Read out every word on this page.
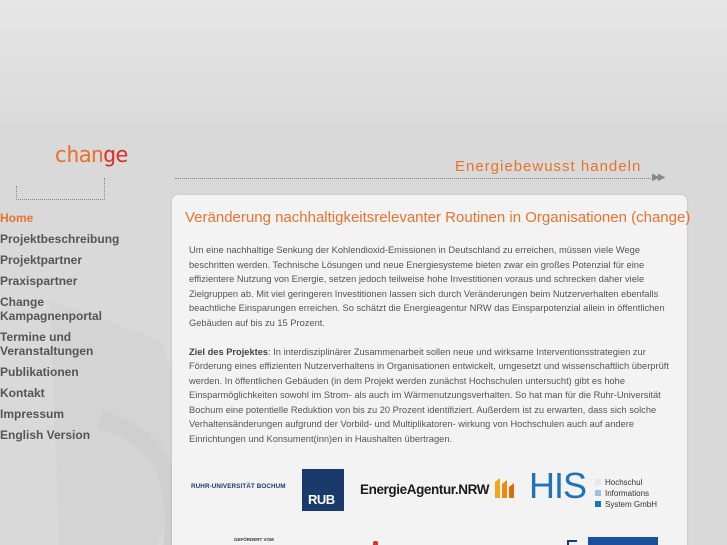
change	Energiebewusst handeln
▶▶
Home
Projektbeschreibung
Projektpartner
Praxispartner
Change Kampagnenportal
Termine und Veranstaltungen
Publikationen
Kontakt
Impressum
English Version
Veränderung nachhaltigkeitsrelevanter Routinen in Organisationen (change)

Um eine nachhaltige Senkung der Kohlendioxid-Emissionen in Deutschland zu erreichen, müssen viele Wege beschritten werden. Technische Lösungen und neue Energiesysteme bieten zwar ein großes Potenzial für eine effizientere Nutzung von Energie, setzen jedoch teilweise hohe Investitionen voraus und schrecken daher viele Zielgruppen ab. Mit viel geringeren Investitionen lassen sich durch Veränderungen beim Nutzerverhalten ebenfalls beachtliche Einsparungen erreichen. So schätzt die Energieagentur NRW das Einsparpotenzial allein in öffentlichen Gebäuden auf bis zu 15 Prozent.

Ziel des Projektes: In interdisziplinärer Zusammenarbeit sollen neue und wirksame Interventionsstrategien zur Förderung eines effizienten Nutzerverhaltens in Organisationen entwickelt, umgesetzt und wissenschaftlich überprüft werden. In öffentlichen Gebäuden (in dem Projekt werden zunächst Hochschulen untersucht) gibt es hohe Einsparmöglichkeiten sowohl im Strom- als auch im Wärmenutzungsverhalten. So hat man für die Ruhr-Universität Bochum eine potentielle Reduktion von bis zu 20 Prozent identifiziert. Außerdem ist zu erwarten, dass sich solche Verhaltensänderungen aufgrund der Vorbild- und Multiplikatoren- wirkung von Hochschulen auch auf andere Einrichtungen und Konsument(inn)en in Haushalten übertragen.

RUHR-UNIVERSITÄT BOCHUM
RUB
EnergieAgentur.NRW HIS	Hochschul
Informations
System GmbH
GEFÖRDERT VOM
